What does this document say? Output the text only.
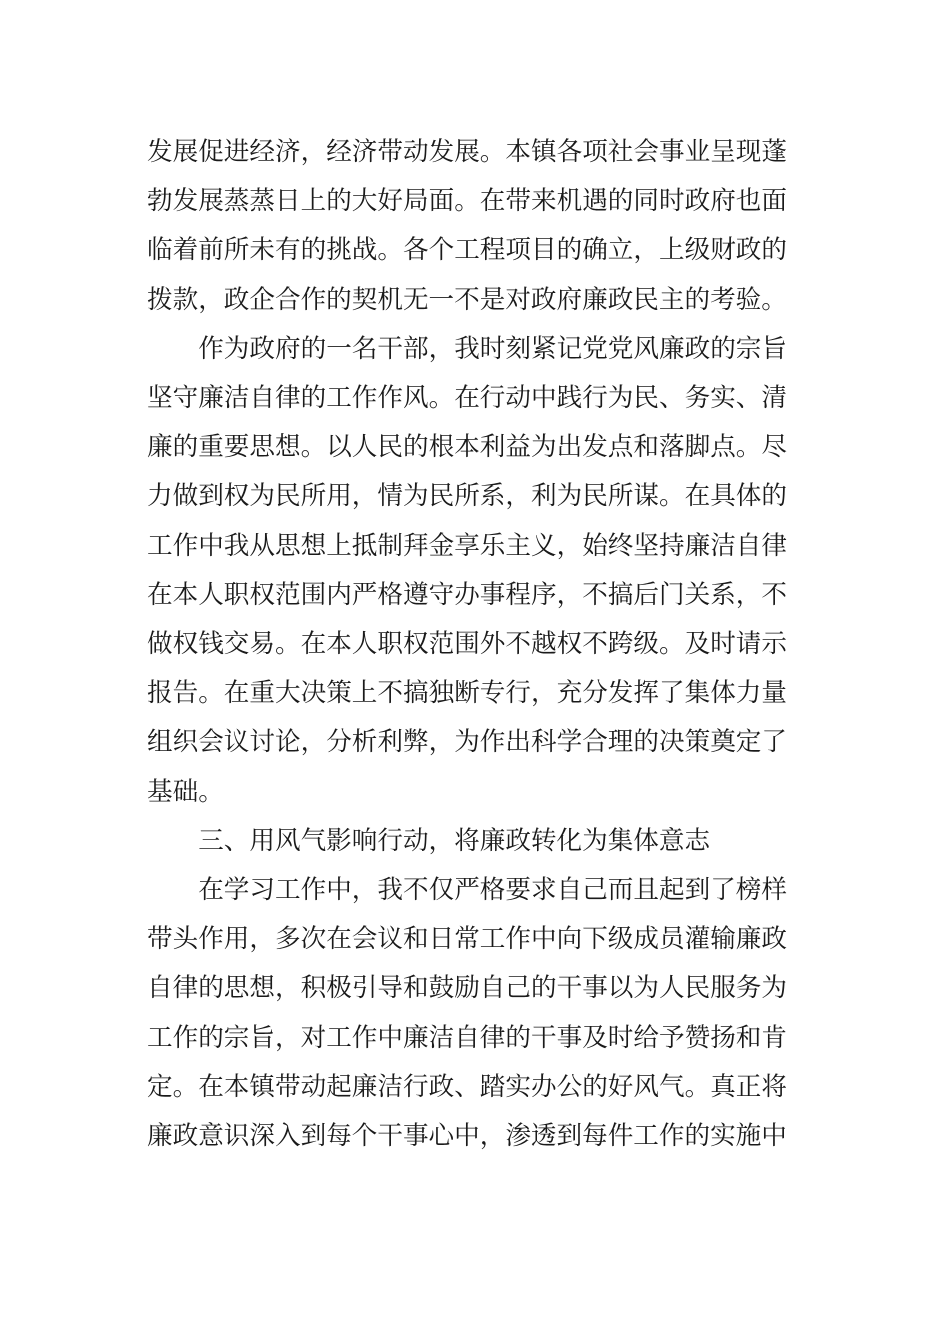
发展促进经济，经济带动发展。本镇各项社会事业呈现蓬勃发展蒸蒸日上的大好局面。在带来机遇的同时政府也面临着前所未有的挑战。各个工程项目的确立，上级财政的拨款，政企合作的契机无一不是对政府廉政民主的考验。

作为政府的一名干部，我时刻紧记党党风廉政的宗旨坚守廉洁自律的工作作风。在行动中践行为民、务实、清廉的重要思想。以人民的根本利益为出发点和落脚点。尽力做到权为民所用，情为民所系，利为民所谋。在具体的工作中我从思想上抵制拜金享乐主义，始终坚持廉洁自律在本人职权范围内严格遵守办事程序，不搞后门关系，不做权钱交易。在本人职权范围外不越权不跨级。及时请示报告。在重大决策上不搞独断专行，充分发挥了集体力量组织会议讨论，分析利弊，为作出科学合理的决策奠定了基础。

三、用风气影响行动，将廉政转化为集体意志

在学习工作中，我不仅严格要求自己而且起到了榜样带头作用，多次在会议和日常工作中向下级成员灌输廉政自律的思想，积极引导和鼓励自己的干事以为人民服务为工作的宗旨，对工作中廉洁自律的干事及时给予赞扬和肯定。在本镇带动起廉洁行政、踏实办公的好风气。真正将廉政意识深入到每个干事心中，渗透到每件工作的实施中
